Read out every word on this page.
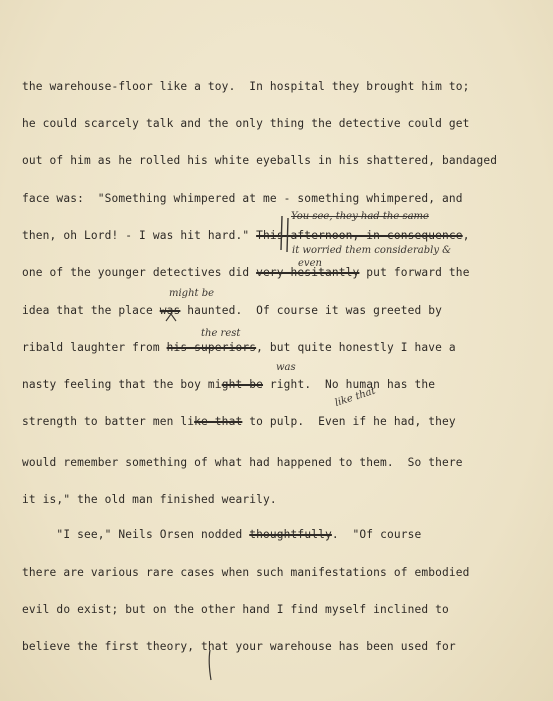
the warehouse-floor like a toy.  In hospital they brought him to;
he could scarcely talk and the only thing the detective could get
out of him as he rolled his white eyeballs in his shattered, bandaged
face was:  "Something whimpered at me - something whimpered, and
then, oh Lord! - I was hit hard." This afternoon, in consequence,
one of the younger detectives did very hesitantly put forward the
idea that the place was haunted.  Of course it was greeted by
ribald laughter from his superiors, but quite honestly I have a
nasty feeling that the boy might be right.  No human has the
strength to batter men like that to pulp.  Even if he had, they
would remember something of what had happened to them.  So there
it is," the old man finished wearily.
"I see," Neils Orsen nodded thoughtfully.  "Of course
there are various rare cases when such manifestations of embodied
evil do exist; but on the other hand I find myself inclined to
believe the first theory, that your warehouse has been used for
You see, they had the same
it worried them considerably &
even
might be
the rest
was
like that
